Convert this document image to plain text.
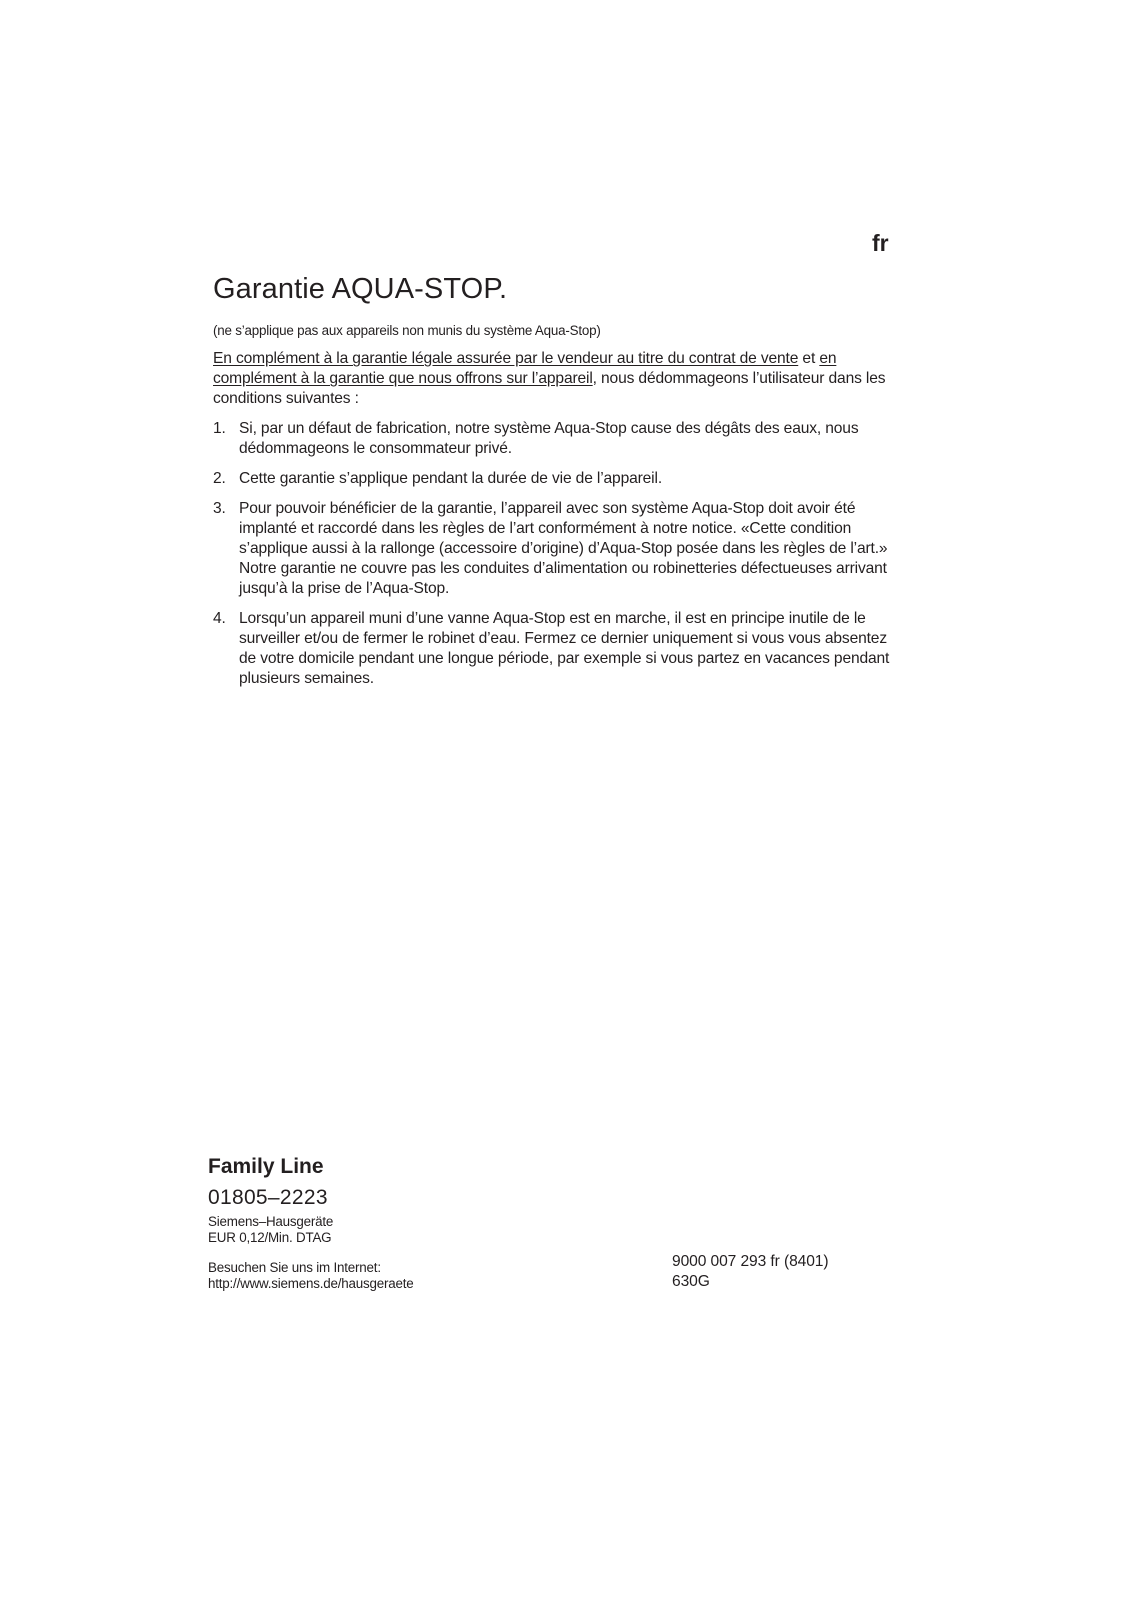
fr
Garantie AQUA-STOP.

(ne s’applique pas aux appareils non munis du système Aqua-Stop)

En complément à la garantie légale assurée par le vendeur au titre du contrat de vente et en complément à la garantie que nous offrons sur l’appareil, nous dédommageons l’utilisateur dans les conditions suivantes :

1. Si, par un défaut de fabrication, notre système Aqua-Stop cause des dégâts des eaux, nous dédommageons le consommateur privé.
2. Cette garantie s’applique pendant la durée de vie de l’appareil.
3. Pour pouvoir bénéficier de la garantie, l’appareil avec son système Aqua-Stop doit avoir été implanté et raccordé dans les règles de l’art conformément à notre notice. «Cette condition s’applique aussi à la rallonge (accessoire d’origine) d’Aqua-Stop posée dans les règles de l’art.» Notre garantie ne couvre pas les conduites d’alimentation ou robinetteries défectueuses arrivant jusqu’à la prise de l’Aqua-Stop.
4. Lorsqu’un appareil muni d’une vanne Aqua-Stop est en marche, il est en principe inutile de le surveiller et/ou de fermer le robinet d’eau. Fermez ce dernier uniquement si vous vous absentez de votre domicile pendant une longue période, par exemple si vous partez en vacances pendant plusieurs semaines.

Family Line

01805–2223

Siemens–Hausgeräte

EUR 0,12/Min. DTAG

Besuchen Sie uns im Internet:

http://www.siemens.de/hausgeraete

9000 007 293 fr (8401)

630G
